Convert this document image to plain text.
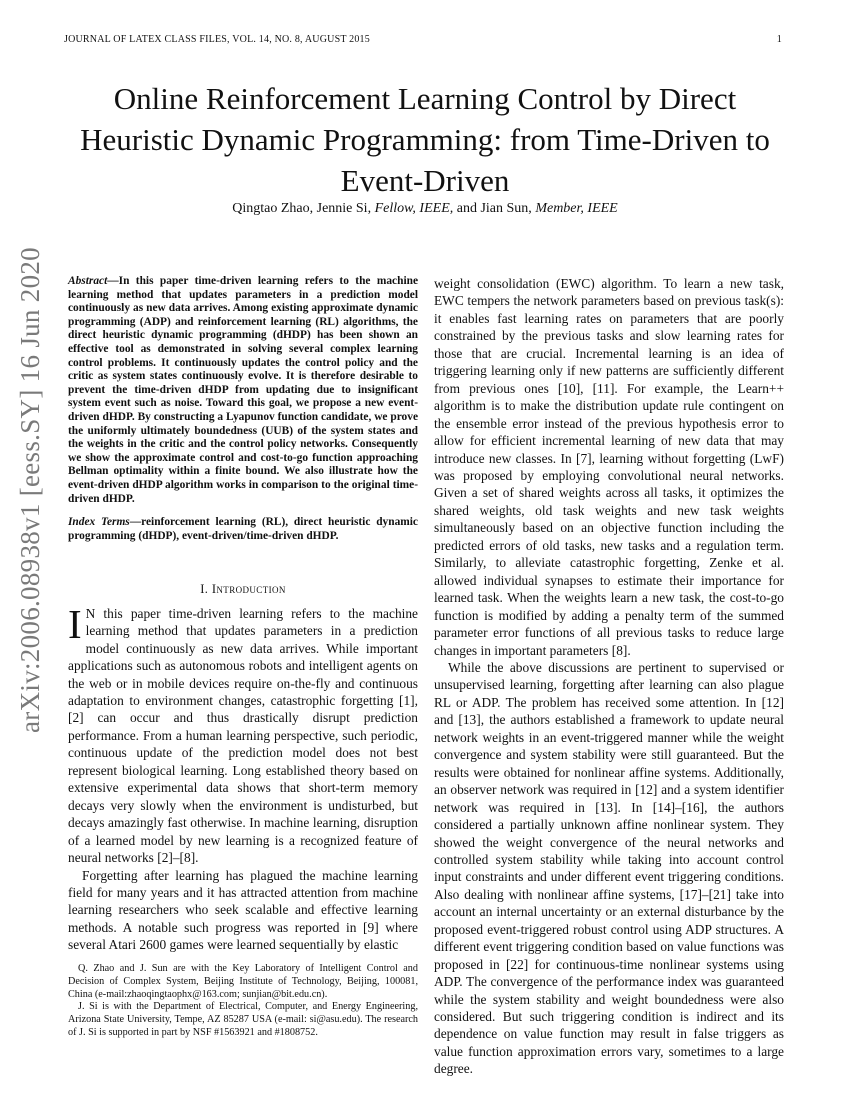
JOURNAL OF LATEX CLASS FILES, VOL. 14, NO. 8, AUGUST 2015	1
Online Reinforcement Learning Control by Direct Heuristic Dynamic Programming: from Time-Driven to Event-Driven
Qingtao Zhao, Jennie Si, Fellow, IEEE, and Jian Sun, Member, IEEE
arXiv:2006.08938v1 [eess.SY] 16 Jun 2020	Abstract—In this paper time-driven learning refers to the machine learning method that updates parameters in a prediction model continuously as new data arrives. Among existing approximate dynamic programming (ADP) and reinforcement learning (RL) algorithms, the direct heuristic dynamic programming (dHDP) has been shown an effective tool as demonstrated in solving several complex learning control problems. It continuously updates the control policy and the critic as system states continuously evolve. It is therefore desirable to prevent the time-driven dHDP from updating due to insignificant system event such as noise. Toward this goal, we propose a new event-driven dHDP. By constructing a Lyapunov function candidate, we prove the uniformly ultimately boundedness (UUB) of the system states and the weights in the critic and the control policy networks. Consequently we show the approximate control and cost-to-go function approaching Bellman optimality within a finite bound. We also illustrate how the event-driven dHDP algorithm works in comparison to the original time-driven dHDP.

Index Terms—reinforcement learning (RL), direct heuristic dynamic programming (dHDP), event-driven/time-driven dHDP.

I. Introduction

I N this paper time-driven learning refers to the machine learning method that updates parameters in a prediction model continuously as new data arrives. While important applications such as autonomous robots and intelligent agents on the web or in mobile devices require on-the-fly and continuous adaptation to environment changes, catastrophic forgetting [1], [2] can occur and thus drastically disrupt prediction performance. From a human learning perspective, such periodic, continuous update of the prediction model does not best represent biological learning. Long established theory based on extensive experimental data shows that short-term memory decays very slowly when the environment is undisturbed, but decays amazingly fast otherwise. In machine learning, disruption of a learned model by new learning is a recognized feature of neural networks [2]–[8].

Forgetting after learning has plagued the machine learning field for many years and it has attracted attention from machine learning researchers who seek scalable and effective learning methods. A notable such progress was reported in [9] where several Atari 2600 games were learned sequentially by elastic

Q. Zhao and J. Sun are with the Key Laboratory of Intelligent Control and Decision of Complex System, Beijing Institute of Technology, Beijing, 100081, China (e-mail:zhaoqingtaophx@163.com; sunjian@bit.edu.cn).

J. Si is with the Department of Electrical, Computer, and Energy Engineering, Arizona State University, Tempe, AZ 85287 USA (e-mail: si@asu.edu). The research of J. Si is supported in part by NSF #1563921 and #1808752.

weight consolidation (EWC) algorithm. To learn a new task, EWC tempers the network parameters based on previous task(s): it enables fast learning rates on parameters that are poorly constrained by the previous tasks and slow learning rates for those that are crucial. Incremental learning is an idea of triggering learning only if new patterns are sufficiently different from previous ones [10], [11]. For example, the Learn++ algorithm is to make the distribution update rule contingent on the ensemble error instead of the previous hypothesis error to allow for efficient incremental learning of new data that may introduce new classes. In [7], learning without forgetting (LwF) was proposed by employing convolutional neural networks. Given a set of shared weights across all tasks, it optimizes the shared weights, old task weights and new task weights simultaneously based on an objective function including the predicted errors of old tasks, new tasks and a regulation term. Similarly, to alleviate catastrophic forgetting, Zenke et al. allowed individual synapses to estimate their importance for learned task. When the weights learn a new task, the cost-to-go function is modified by adding a penalty term of the summed parameter error functions of all previous tasks to reduce large changes in important parameters [8].

While the above discussions are pertinent to supervised or unsupervised learning, forgetting after learning can also plague RL or ADP. The problem has received some attention. In [12] and [13], the authors established a framework to update neural network weights in an event-triggered manner while the weight convergence and system stability were still guaranteed. But the results were obtained for nonlinear affine systems. Additionally, an observer network was required in [12] and a system identifier network was required in [13]. In [14]–[16], the authors considered a partially unknown affine nonlinear system. They showed the weight convergence of the neural networks and controlled system stability while taking into account control input constraints and under different event triggering conditions. Also dealing with nonlinear affine systems, [17]–[21] take into account an internal uncertainty or an external disturbance by the proposed event-triggered robust control using ADP structures. A different event triggering condition based on value functions was proposed in [22] for continuous-time nonlinear systems using ADP. The convergence of the performance index was guaranteed while the system stability and weight boundedness were also considered. But such triggering condition is indirect and its dependence on value function may result in false triggers as value function approximation errors vary, sometimes to a large degree.
